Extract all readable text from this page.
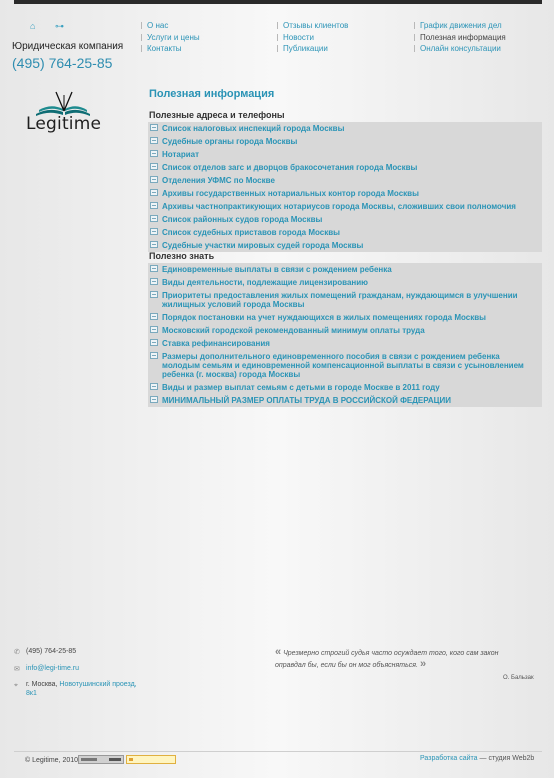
⌂ ⊶
Юридическая компания
(495) 764-25-85
Legitime
О нас
Услуги и цены
Контакты
Отзывы клиентов
Новости
Публикации
График движения дел
Полезная информация
Онлайн консультации
Полезная информация
Полезные адреса и телефоны
Список налоговых инспекций города Москвы
Судебные органы города Москвы
Нотариат
Список отделов загс и дворцов бракосочетания города Москвы
Отделения УФМС по Москве
Архивы государственных нотариальных контор города Москвы
Архивы частнопрактикующих нотариусов города Москвы, сложивших свои полномочия
Список районных судов города Москвы
Список судебных приставов города Москвы
Судебные участки мировых судей города Москвы
Полезно знать
Единовременные выплаты в связи с рождением ребенка
Виды деятельности, подлежащие лицензированию
Приоритеты предоставления жилых помещений гражданам, нуждающимся в улучшении жилищных условий города Москвы
Порядок постановки на учет нуждающихся в жилых помещениях города Москвы
Московский городской рекомендованный минимум оплаты труда
Ставка рефинансирования
Размеры дополнительного единовременного пособия в связи с рождением ребенка молодым семьям и единовременной компенсационной выплаты в связи с усыновлением ребенка (г. москва) города Москвы
Виды и размер выплат семьям с детьми в городе Москве в 2011 году
МИНИМАЛЬНЫЙ РАЗМЕР ОПЛАТЫ ТРУДА В РОССИЙСКОЙ ФЕДЕРАЦИИ
✆ (495) 764-25-85
✉ info@legi-time.ru
⌖ г. Москва, Новотушинский проезд, 8к1
« Чрезмерно строгий судья часто осуждает того, кого сам закон оправдал бы, если бы он мог объясняться. »
О. Бальзак
© Legitime, 2010	Разработка сайта — студия Web2b
